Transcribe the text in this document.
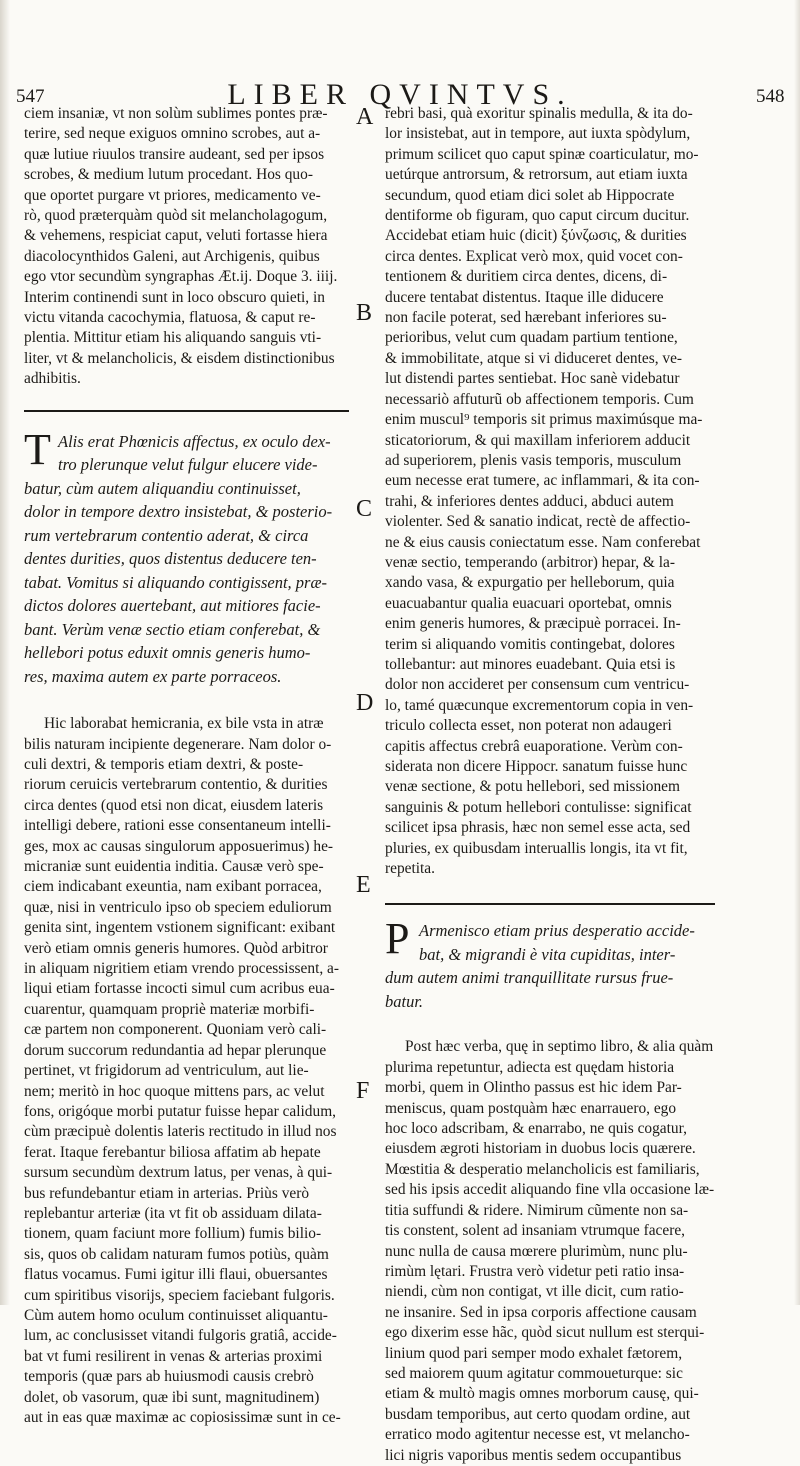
547	LIBER QVINTVS.	548
A
B
C
D
E
F
ciem insaniæ, vt non solùm sublimes pontes præ-
terire, sed neque exiguos omnino scrobes, aut a-
quæ lutiue riuulos transire audeant, sed per ipsos
scrobes, & medium lutum procedant. Hos quo-
que oportet purgare vt priores, medicamento ve-
rò, quod præterquàm quòd sit melancholagogum,
& vehemens, respiciat caput, veluti fortasse hiera
diacolocynthidos Galeni, aut Archigenis, quibus
ego vtor secundùm syngraphas Æt.ij. Doque 3. iiij.
Interim continendi sunt in loco obscuro quieti, in
victu vitanda cacochymia, flatuosa, & caput re-
plentia. Mittitur etiam his aliquando sanguis vti-
liter, vt & melancholicis, & eisdem distinctionibus
adhibitis.
T Alis erat Phœnicis affectus, ex oculo dex-
tro plerunque velut fulgur elucere vide-
batur, cùm autem aliquandiu continuisset,
dolor in tempore dextro insistebat, & posterio-
rum vertebrarum contentio aderat, & circa
dentes durities, quos distentus deducere ten-
tabat. Vomitus si aliquando contigissent, præ-
dictos dolores auertebant, aut mitiores facie-
bant. Verùm venæ sectio etiam conferebat, &
hellebori potus eduxit omnis generis humo-
res, maxima autem ex parte porraceos.
Hic laborabat hemicrania, ex bile vsta in atræ
bilis naturam incipiente degenerare. Nam dolor o-
culi dextri, & temporis etiam dextri, & poste-
riorum ceruicis vertebrarum contentio, & durities
circa dentes (quod etsi non dicat, eiusdem lateris
intelligi debere, rationi esse consentaneum intelli-
ges, mox ac causas singulorum apposuerimus) he-
micraniæ sunt euidentia inditia. Causæ verò spe-
ciem indicabant exeuntia, nam exibant porracea,
quæ, nisi in ventriculo ipso ob speciem eduliorum
genita sint, ingentem vstionem significant: exibant
verò etiam omnis generis humores. Quòd arbitror
in aliquam nigritiem etiam vrendo processissent, a-
liqui etiam fortasse incocti simul cum acribus eua-
cuarentur, quamquam propriè materiæ morbifi-
cæ partem non componerent. Quoniam verò cali-
dorum succorum redundantia ad hepar plerunque
pertinet, vt frigidorum ad ventriculum, aut lie-
nem; meritò in hoc quoque mittens pars, ac velut
fons, origóque morbi putatur fuisse hepar calidum,
cùm præcipuè dolentis lateris rectitudo in illud nos
ferat. Itaque ferebantur biliosa affatim ab hepate
sursum secundùm dextrum latus, per venas, à qui-
bus refundebantur etiam in arterias. Priùs verò
replebantur arteriæ (ita vt fit ob assiduam dilata-
tionem, quam faciunt more follium) fumis bilio-
sis, quos ob calidam naturam fumos potiùs, quàm
flatus vocamus. Fumi igitur illi flaui, obuersantes
cum spiritibus visorijs, speciem faciebant fulgoris.
Cùm autem homo oculum continuisset aliquantu-
lum, ac conclusisset vitandi fulgoris gratiâ, accide-
bat vt fumi resilirent in venas & arterias proximi
temporis (quæ pars ab huiusmodi causis crebrò
dolet, ob vasorum, quæ ibi sunt, magnitudinem)
aut in eas quæ maximæ ac copiosissimæ sunt in ce-
rebri basi, quà exoritur spinalis medulla, & ita do-
lor insistebat, aut in tempore, aut iuxta spòdylum,
primum scilicet quo caput spinæ coarticulatur, mo-
uetúrque antrorsum, & retrorsum, aut etiam iuxta
secundum, quod etiam dici solet ab Hippocrate
dentiforme ob figuram, quo caput circum ducitur.
Accidebat etiam huic (dicit) ξύνζωσις, & durities
circa dentes. Explicat verò mox, quid vocet con-
tentionem & duritiem circa dentes, dicens, di-
ducere tentabat distentus. Itaque ille diducere
non facile poterat, sed hærebant inferiores su-
perioribus, velut cum quadam partium tentione,
& immobilitate, atque si vi diduceret dentes, ve-
lut distendi partes sentiebat. Hoc sanè videbatur
necessariò affuturũ ob affectionem temporis. Cum
enim muscul⁹ temporis sit primus maximúsque ma-
sticatoriorum, & qui maxillam inferiorem adducit
ad superiorem, plenis vasis temporis, musculum
eum necesse erat tumere, ac inflammari, & ita con-
trahi, & inferiores dentes adduci, abduci autem
violenter. Sed & sanatio indicat, rectè de affectio-
ne & eius causis coniectatum esse. Nam conferebat
venæ sectio, temperando (arbitror) hepar, & la-
xando vasa, & expurgatio per helleborum, quia
euacuabantur qualia euacuari oportebat, omnis
enim generis humores, & præcipuè porracei. In-
terim si aliquando vomitis contingebat, dolores
tollebantur: aut minores euadebant. Quia etsi is
dolor non accideret per consensum cum ventricu-
lo, tamé quæcunque excrementorum copia in ven-
triculo collecta esset, non poterat non adaugeri
capitis affectus crebrâ euaporatione. Verùm con-
siderata non dicere Hippocr. sanatum fuisse hunc
venæ sectione, & potu hellebori, sed missionem
sanguinis & potum hellebori contulisse: significat
scilicet ipsa phrasis, hæc non semel esse acta, sed
pluries, ex quibusdam interuallis longis, ita vt fit,
repetita.
P Armenisco etiam prius desperatio accide-
bat, & migrandi è vita cupiditas, inter-
dum autem animi tranquillitate rursus frue-
batur.
Post hæc verba, quę in septimo libro, & alia quàm
plurima repetuntur, adiecta est quędam historia
morbi, quem in Olintho passus est hic idem Par-
meniscus, quam postquàm hæc enarrauero, ego
hoc loco adscribam, & enarrabo, ne quis cogatur,
eiusdem ægroti historiam in duobus locis quærere.
Mœstitia & desperatio melancholicis est familiaris,
sed his ipsis accedit aliquando fine vlla occasione læ-
titia suffundi & ridere. Nimirum cũmente non sa-
tis constent, solent ad insaniam vtrumque facere,
nunc nulla de causa mœrere plurimùm, nunc plu-
rimùm lętari. Frustra verò videtur peti ratio insa-
niendi, cùm non contigat, vt ille dicit, cum ratio-
ne insanire. Sed in ipsa corporis affectione causam
ego dixerim esse hãc, quòd sicut nullum est sterqui-
linium quod pari semper modo exhalet fætorem,
sed maiorem quum agitatur commoueturque: sic
etiam & multò magis omnes morborum causę, qui-
busdam temporibus, aut certo quodam ordine, aut
erratico modo agitentur necesse est, vt melancho-
lici nigris vaporibus mentis sedem occupantibus
